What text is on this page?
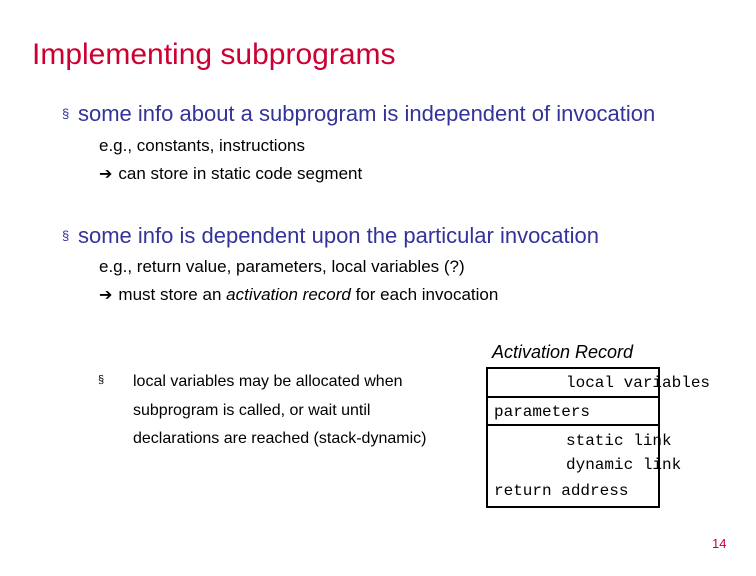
Implementing subprograms
§ some info about a subprogram is independent of invocation
e.g., constants, instructions
➔ can store in static code segment
§ some info is dependent upon the particular invocation
e.g., return value, parameters, local variables (?)
➔ must store an activation record for each invocation
Activation Record
§ local variables may be allocated when
subprogram is called, or wait until
declarations are reached (stack-dynamic)
local variables
parameters
static link
dynamic link
return address
14
